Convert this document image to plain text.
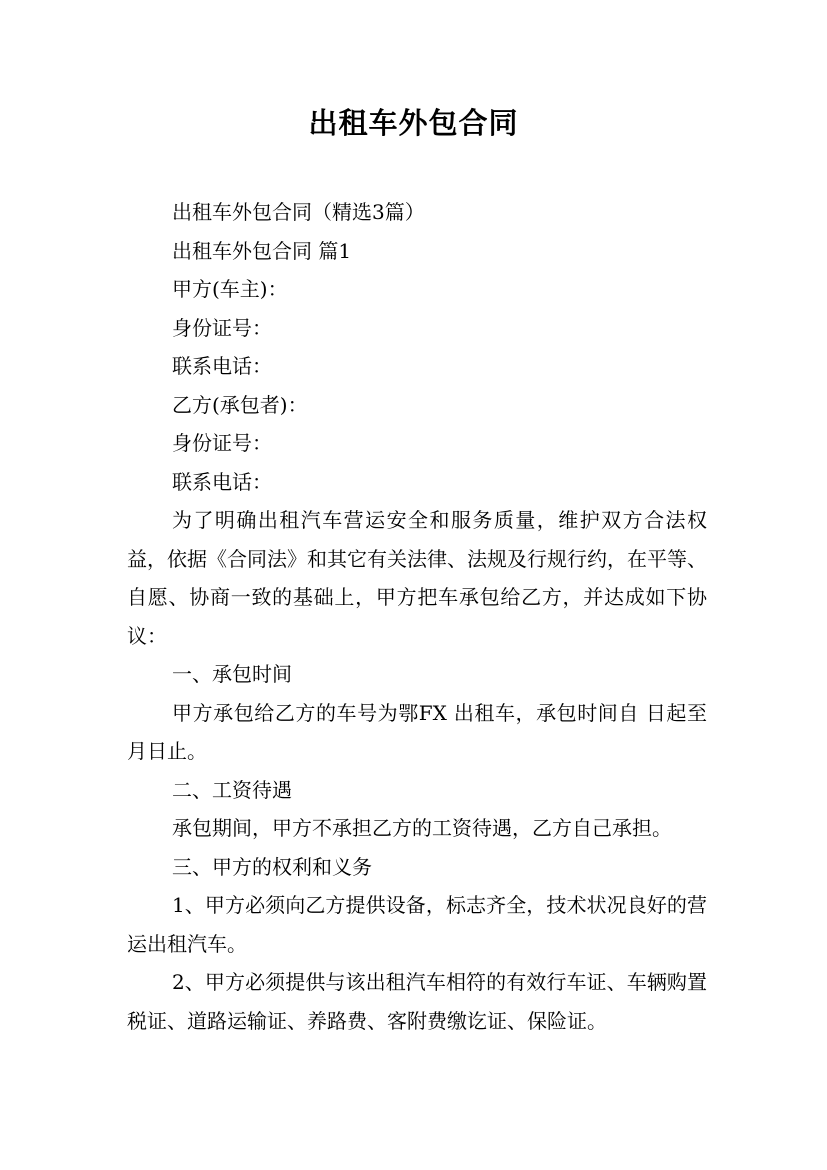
出租车外包合同

出租车外包合同（精选3篇）

出租车外包合同 篇1

甲方(车主)：

身份证号：

联系电话：

乙方(承包者)：

身份证号：

联系电话：

为了明确出租汽车营运安全和服务质量，维护双方合法权益，依据《合同法》和其它有关法律、法规及行规行约，在平等、自愿、协商一致的基础上，甲方把车承包给乙方，并达成如下协议：

一、承包时间

甲方承包给乙方的车号为鄂FX 出租车，承包时间自 日起至月日止。

二、工资待遇

承包期间，甲方不承担乙方的工资待遇，乙方自己承担。

三、甲方的权利和义务

1、甲方必须向乙方提供设备，标志齐全，技术状况良好的营运出租汽车。

2、甲方必须提供与该出租汽车相符的有效行车证、车辆购置税证、道路运输证、养路费、客附费缴讫证、保险证。
